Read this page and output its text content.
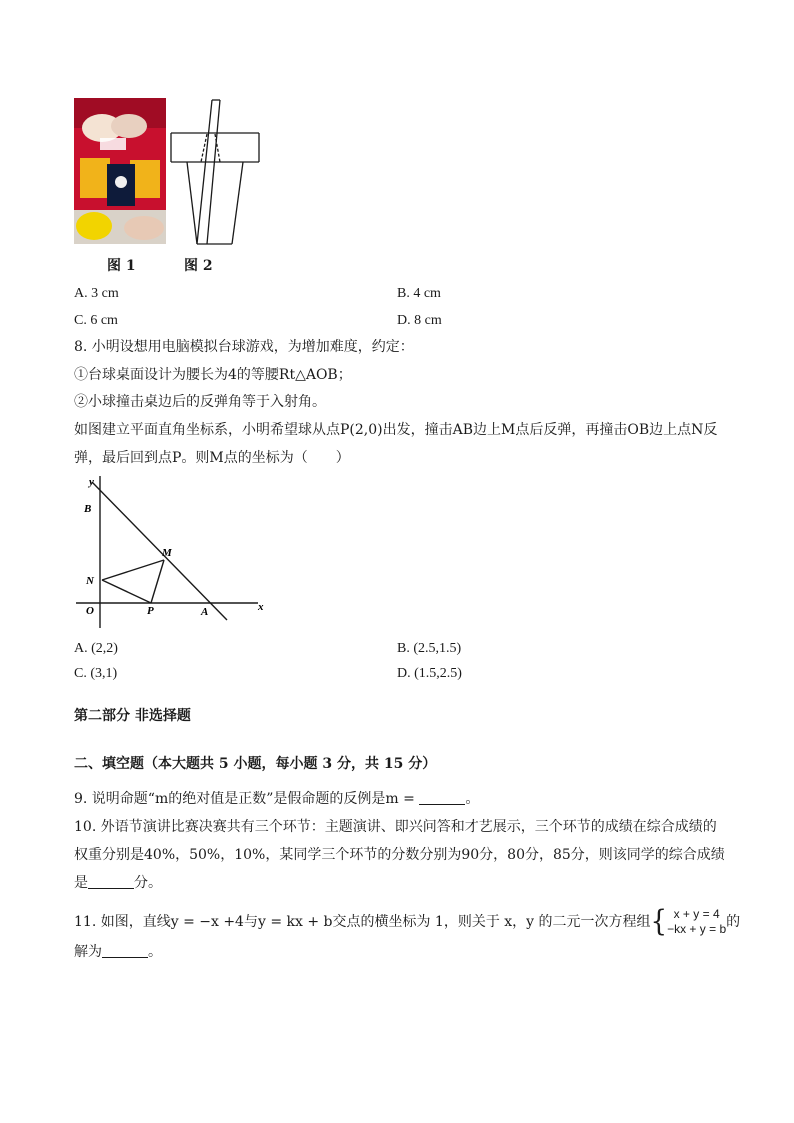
图 1	图 2
A. 3 cm	B. 4 cm
C. 6 cm	D. 8 cm
8. 小明设想用电脑模拟台球游戏，为增加难度，约定：
①台球桌面设计为腰长为4的等腰Rt△AOB；
②小球撞击桌边后的反弹角等于入射角。
如图建立平面直角坐标系，小明希望球从点P(2,0)出发，撞击AB边上M点后反弹，再撞击OB边上点N反
弹，最后回到点P。则M点的坐标为（　　）
y
B
M
N
O	P	A	x
A. (2,2)	B. (2.5,1.5)
C. (3,1)	D. (1.5,2.5)
第二部分 非选择题
二、填空题（本大题共 5 小题，每小题 3 分，共 15 分）
9. 说明命题“m的绝对值是正数”是假命题的反例是m =	。
10. 外语节演讲比赛决赛共有三个环节：主题演讲、即兴问答和才艺展示，三个环节的成绩在综合成绩的
权重分别是40%，50%，10%，某同学三个环节的分数分别为90分，80分，85分，则该同学的综合成绩
是	分。
11. 如图，直线y = −x +4与y = kx + b交点的横坐标为 1，则关于 x，y 的二元一次方程组 { x + y = 4
−kx + y = b 的
解为	。
